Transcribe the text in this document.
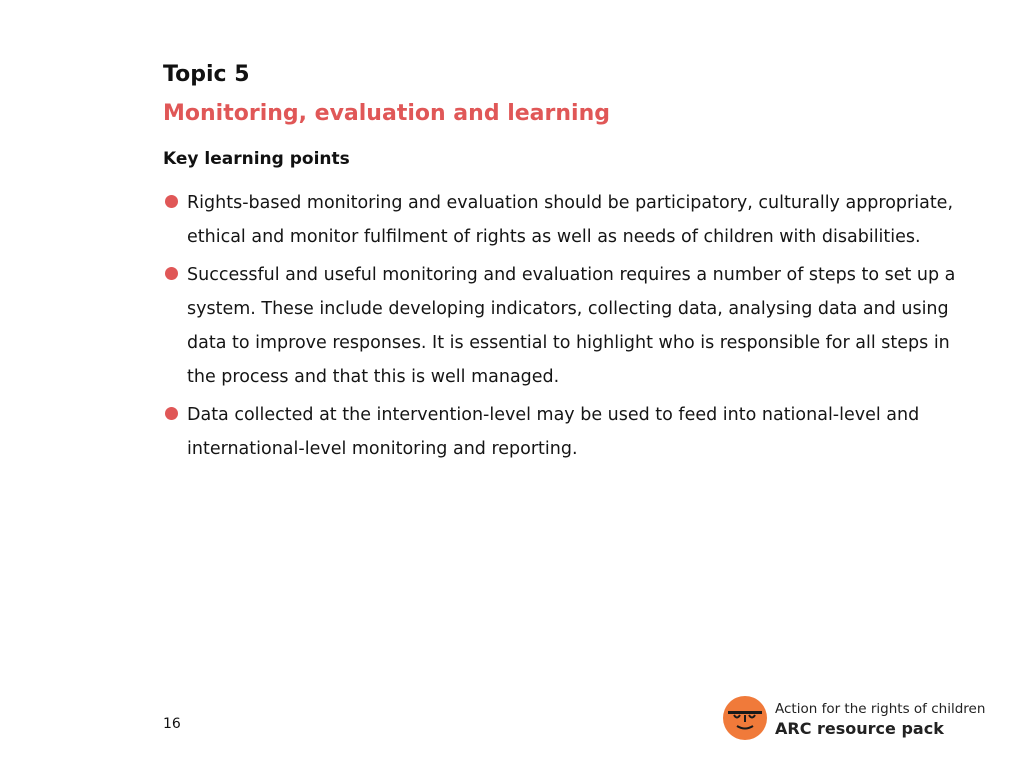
Topic 5
Monitoring, evaluation and learning
Key learning points
Rights-based monitoring and evaluation should be participatory, culturally appropriate, ethical and monitor fulfilment of rights as well as needs of children with disabilities.
Successful and useful monitoring and evaluation requires a number of steps to set up a system. These include developing indicators, collecting data, analysing data and using data to improve responses. It is essential to highlight who is responsible for all steps in the process and that this is well managed.
Data collected at the intervention-level may be used to feed into national-level and international-level monitoring and reporting.
16
Action for the rights of children
ARC resource pack
